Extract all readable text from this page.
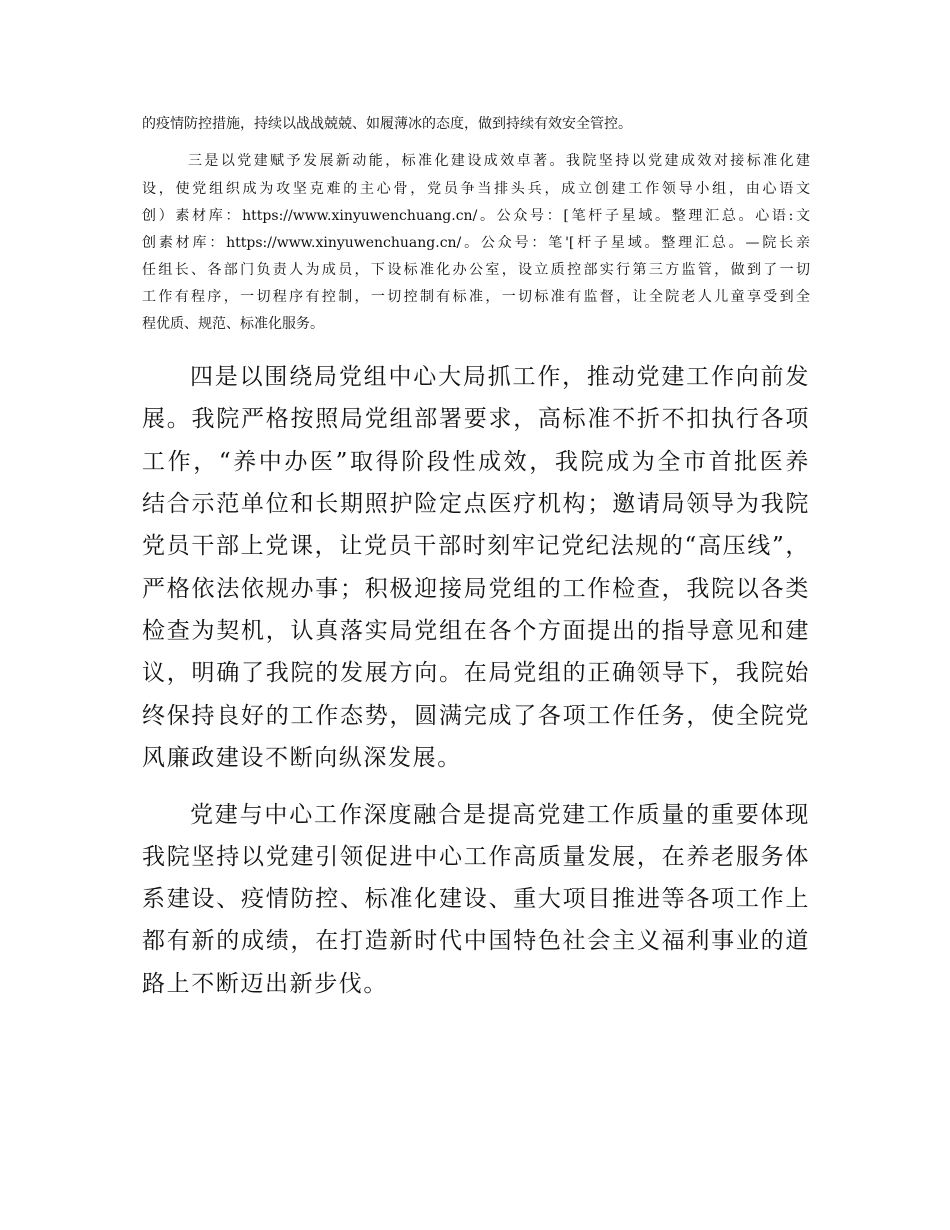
的疫情防控措施，持续以战战兢兢、如履薄冰的态度，做到持续有效安全管控。
三是以党建赋予发展新动能，标准化建设成效卓著。我院坚持以党建成效对接标准化建
设，使党组织成为攻坚克难的主心骨，党员争当排头兵，成立创建工作领导小组，由心语文
创）素材库：https://www.xinyuwenchuang.cn/。公众号：[笔杆子星域。整理汇总。心语:文
创素材库：https://www.xinyuwenchuang.cn/。公众号：笔'[杆子星域。整理汇总。—院长亲
任组长、各部门负责人为成员，下设标准化办公室，设立质控部实行第三方监管，做到了一切
工作有程序，一切程序有控制，一切控制有标准，一切标准有监督，让全院老人儿童享受到全
程优质、规范、标准化服务。
四是以围绕局党组中心大局抓工作，推动党建工作向前发
展。我院严格按照局党组部署要求，高标准不折不扣执行各项
工作，“养中办医”取得阶段性成效，我院成为全市首批医养
结合示范单位和长期照护险定点医疗机构；邀请局领导为我院
党员干部上党课，让党员干部时刻牢记党纪法规的“高压线”，
严格依法依规办事；积极迎接局党组的工作检查，我院以各类
检查为契机，认真落实局党组在各个方面提出的指导意见和建
议，明确了我院的发展方向。在局党组的正确领导下，我院始
终保持良好的工作态势，圆满完成了各项工作任务，使全院党
风廉政建设不断向纵深发展。
党建与中心工作深度融合是提高党建工作质量的重要体现
我院坚持以党建引领促进中心工作高质量发展，在养老服务体
系建设、疫情防控、标准化建设、重大项目推进等各项工作上
都有新的成绩，在打造新时代中国特色社会主义福利事业的道
路上不断迈出新步伐。
